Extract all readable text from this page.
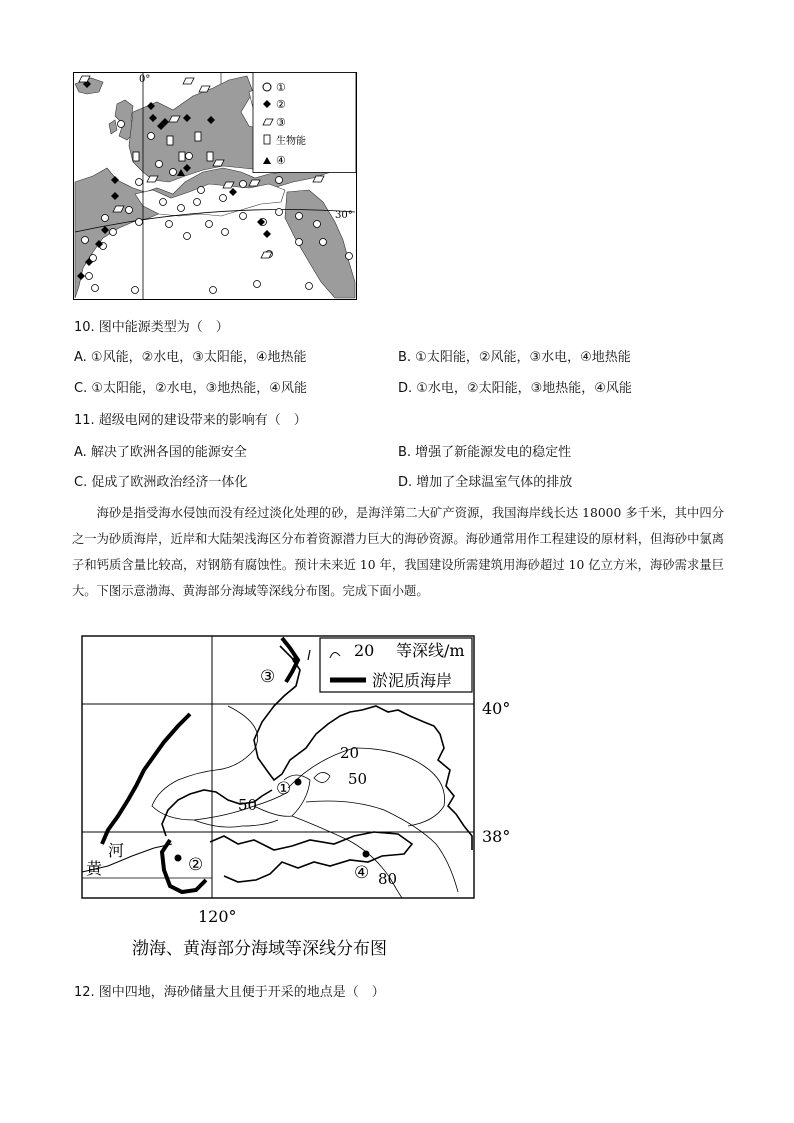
0°
30°
①
②
③
生物能
④
10. 图中能源类型为（　）
A. ①风能，②水电，③太阳能，④地热能	B. ①太阳能，②风能，③水电，④地热能
C. ①太阳能，②水电，③地热能，④风能	D. ①水电，②太阳能，③地热能，④风能
11. 超级电网的建设带来的影响有（　）
A. 解决了欧洲各国的能源安全	B. 增强了新能源发电的稳定性
C. 促成了欧洲政治经济一体化	D. 增加了全球温室气体的排放

海砂是指受海水侵蚀而没有经过淡化处理的砂，是海洋第二大矿产资源，我国海岸线长达 18000 多千米，其中四分之一为砂质海岸，近岸和大陆架浅海区分布着资源潜力巨大的海砂资源。海砂通常用作工程建设的原材料，但海砂中氯离子和钙质含量比较高，对钢筋有腐蚀性。预计未来近 10 年，我国建设所需建筑用海砂超过 10 亿立方米，海砂需求量巨大。下图示意渤海、黄海部分海域等深线分布图。完成下面小题。

20 等深线/m
淤泥质海岸
40°
38°
120°
河
黄
20
50
50
80
①
②
③
④
渤海、黄海部分海域等深线分布图
12. 图中四地，海砂储量大且便于开采的地点是（　）
